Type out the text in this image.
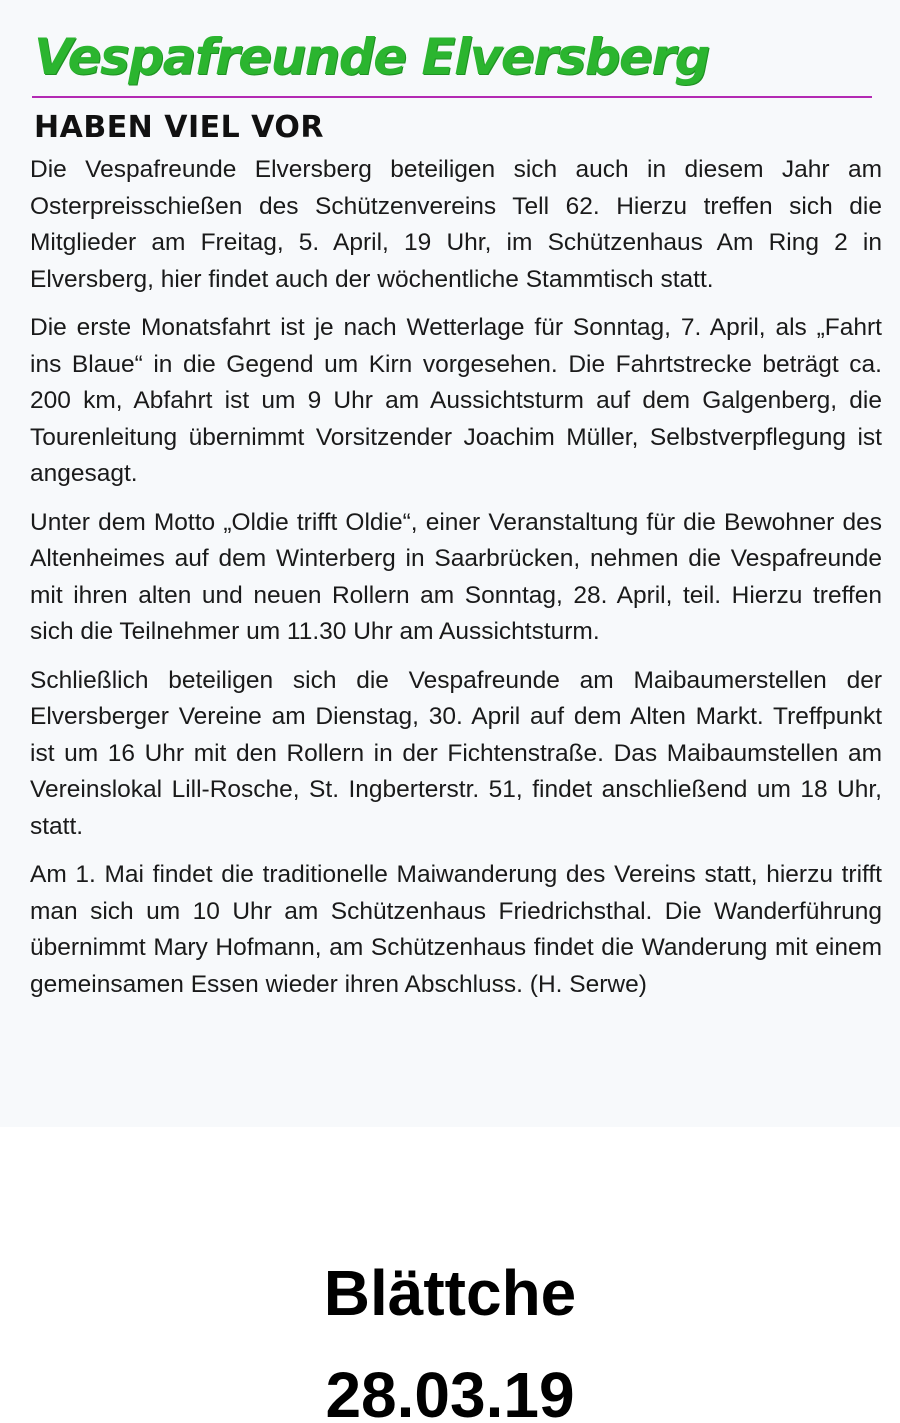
Vespafreunde Elversberg
HABEN VIEL VOR

Die Vespafreunde Elversberg beteiligen sich auch in diesem Jahr am Osterpreisschießen des Schützenvereins Tell 62. Hierzu treffen sich die Mitglieder am Freitag, 5. April, 19 Uhr, im Schützenhaus Am Ring 2 in Elversberg, hier findet auch der wöchentliche Stammtisch statt.

Die erste Monatsfahrt ist je nach Wetterlage für Sonntag, 7. April, als „Fahrt ins Blaue“ in die Gegend um Kirn vorgesehen. Die Fahrtstrecke beträgt ca. 200 km, Abfahrt ist um 9 Uhr am Aussichtsturm auf dem Galgenberg, die Tourenleitung übernimmt Vorsitzender Joachim Müller, Selbstverpflegung ist angesagt.

Unter dem Motto „Oldie trifft Oldie“, einer Veranstaltung für die Bewohner des Altenheimes auf dem Winterberg in Saarbrücken, nehmen die Vespafreunde mit ihren alten und neuen Rollern am Sonntag, 28. April, teil. Hierzu treffen sich die Teilnehmer um 11.30 Uhr am Aussichtsturm.

Schließlich beteiligen sich die Vespafreunde am Maibaumerstellen der Elversberger Vereine am Dienstag, 30. April auf dem Alten Markt. Treffpunkt ist um 16 Uhr mit den Rollern in der Fichtenstraße. Das Maibaumstellen am Vereinslokal Lill-Rosche, St. Ingberterstr. 51, findet anschließend um 18 Uhr, statt.

Am 1. Mai findet die traditionelle Maiwanderung des Vereins statt, hierzu trifft man sich um 10 Uhr am Schützenhaus Friedrichsthal. Die Wanderführung übernimmt Mary Hofmann, am Schützenhaus findet die Wanderung mit einem gemeinsamen Essen wieder ihren Abschluss. (H. Serwe)

Blättche
28.03.19
